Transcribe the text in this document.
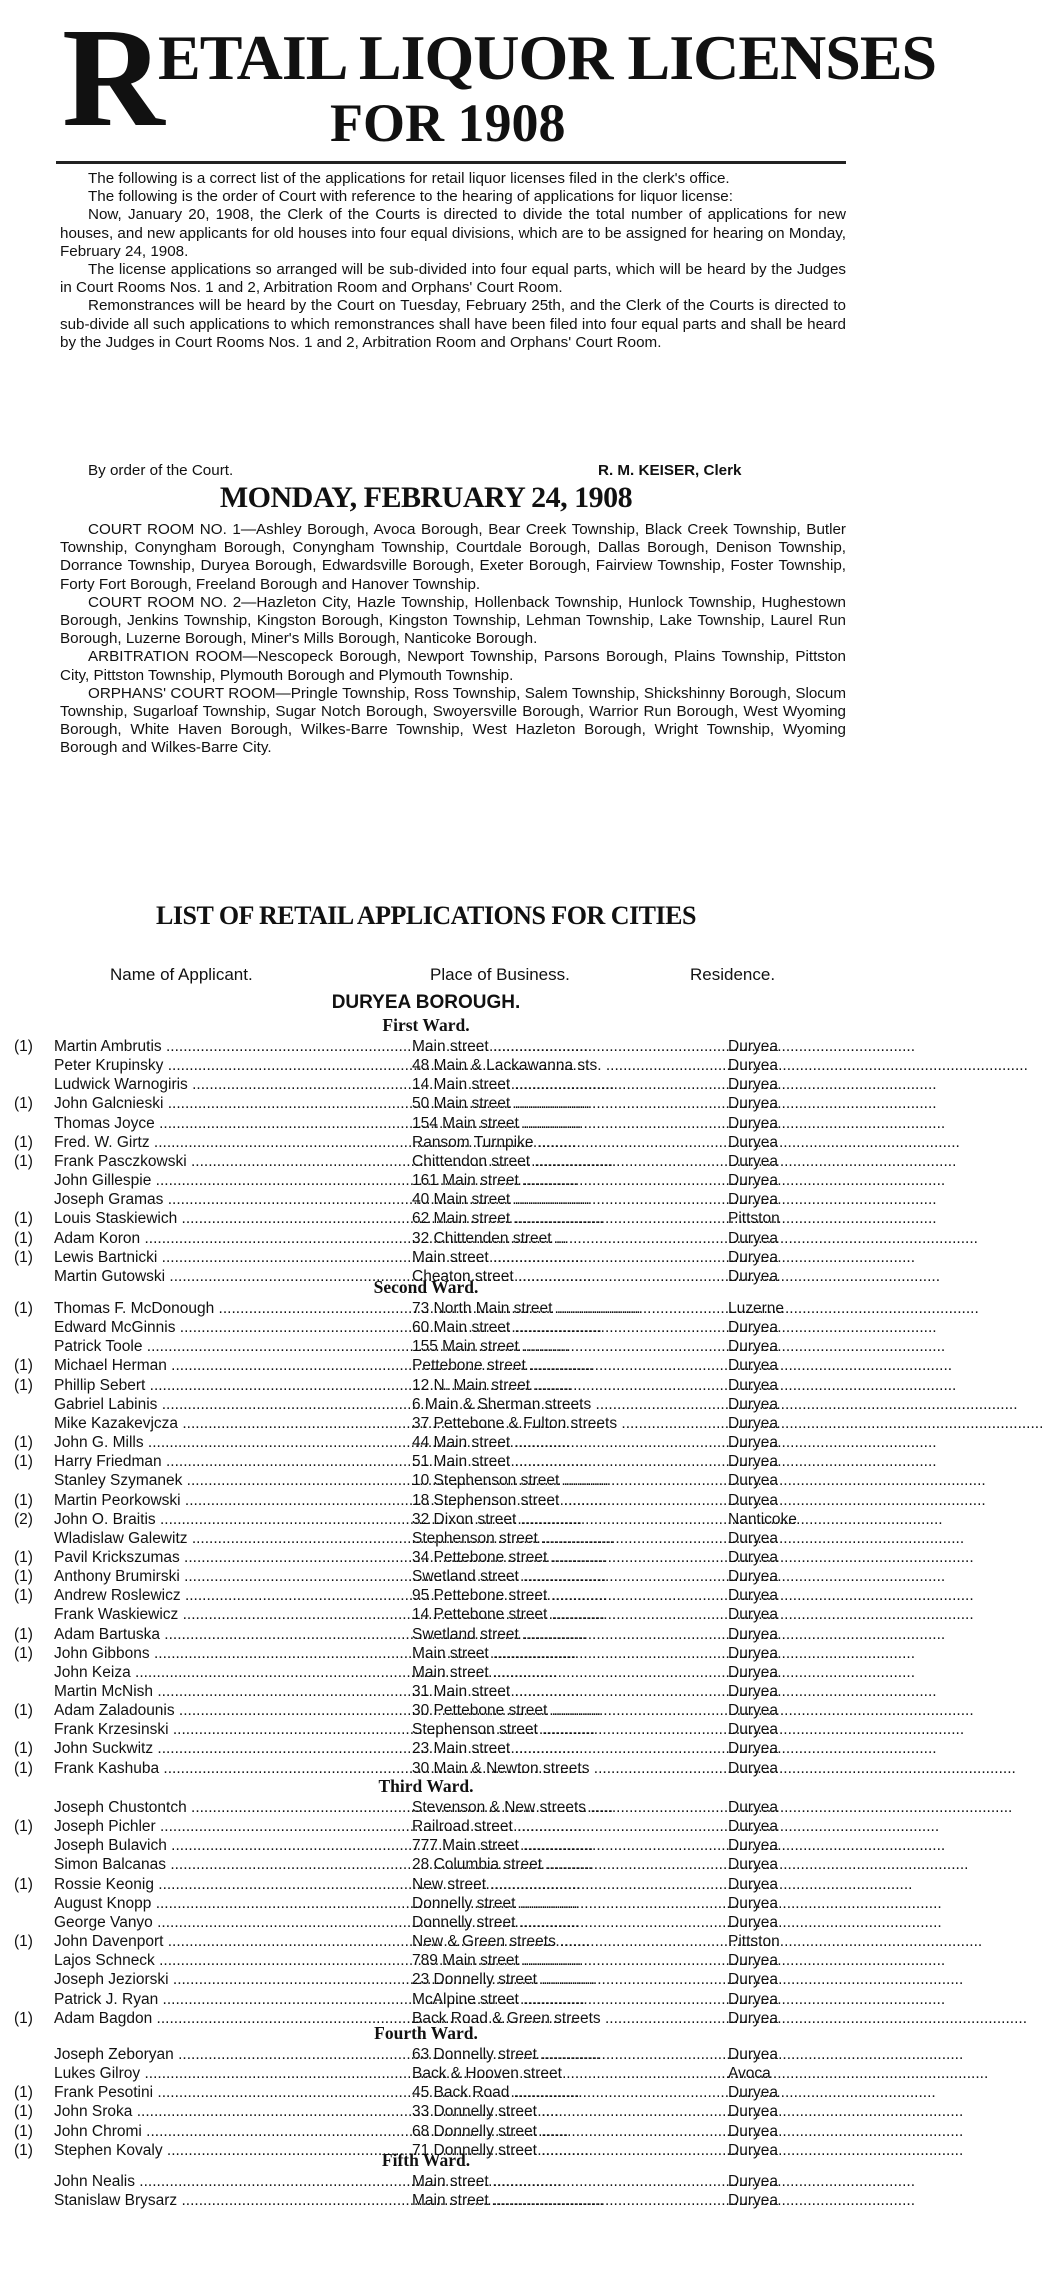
R
ETAIL LIQUOR LICENSES
FOR 1908

The following is a correct list of the applications for retail liquor licenses filed in the clerk's office.

The following is the order of Court with reference to the hearing of applications for liquor license:

Now, January 20, 1908, the Clerk of the Courts is directed to divide the total number of applications for new houses, and new applicants for old houses into four equal divisions, which are to be assigned for hearing on Monday, February 24, 1908.

The license applications so arranged will be sub-divided into four equal parts, which will be heard by the Judges in Court Rooms Nos. 1 and 2, Arbitration Room and Orphans' Court Room.

Remonstrances will be heard by the Court on Tuesday, February 25th, and the Clerk of the Courts is directed to sub-divide all such applications to which remonstrances shall have been filed into four equal parts and shall be heard by the Judges in Court Rooms Nos. 1 and 2, Arbitration Room and Orphans' Court Room.

By order of the Court.	R. M. KEISER, Clerk
MONDAY, FEBRUARY 24, 1908

COURT ROOM NO. 1—Ashley Borough, Avoca Borough, Bear Creek Township, Black Creek Township, Butler Township, Conyngham Borough, Conyngham Township, Courtdale Borough, Dallas Borough, Denison Township, Dorrance Township, Duryea Borough, Edwardsville Borough, Exeter Borough, Fairview Township, Foster Township, Forty Fort Borough, Freeland Borough and Hanover Township.

COURT ROOM NO. 2—Hazleton City, Hazle Township, Hollenback Township, Hunlock Township, Hughestown Borough, Jenkins Township, Kingston Borough, Kingston Township, Lehman Township, Lake Township, Laurel Run Borough, Luzerne Borough, Miner's Mills Borough, Nanticoke Borough.

ARBITRATION ROOM—Nescopeck Borough, Newport Township, Parsons Borough, Plains Township, Pittston City, Pittston Township, Plymouth Borough and Plymouth Township.

ORPHANS' COURT ROOM—Pringle Township, Ross Township, Salem Township, Shickshinny Borough, Slocum Township, Sugarloaf Township, Sugar Notch Borough, Swoyersville Borough, Warrior Run Borough, West Wyoming Borough, White Haven Borough, Wilkes-Barre Township, West Hazleton Borough, Wright Township, Wyoming Borough and Wilkes-Barre City.

LIST OF RETAIL APPLICATIONS FOR CITIES
Name of Applicant.	Place of Business.	Residence.
DURYEA BOROUGH.
First Ward.
(1) Martin Ambrutis .....	Main street .....	Duryea
Peter Krupinsky .....	48 Main & Lackawanna sts. .....	Duryea
Ludwick Warnogiris .....	14 Main street .....	Duryea
(1) John Galcnieski .....	50 Main street .....	Duryea
Thomas Joyce .....	154 Main street .....	Duryea
(1) Fred. W. Girtz .....	Ransom Turnpike .....	Duryea
(1) Frank Pasczkowski .....	Chittendon street .....	Duryea
John Gillespie .....	161 Main street .....	Duryea
Joseph Gramas .....	40 Main street .....	Duryea
(1) Louis Staskiewich .....	62 Main street .....	Pittston
(1) Adam Koron .....	32 Chittenden street .....	Duryea
(1) Lewis Bartnicki .....	Main street .....	Duryea
Martin Gutowski .....	Cheaton street .....	Duryea
Second Ward.
(1) Thomas F. McDonough .....	73 North Main street .....	Luzerne
Edward McGinnis .....	60 Main street .....	Duryea
Patrick Toole .....	155 Main street .....	Duryea
(1) Michael Herman .....	Pettebone street .....	Duryea
(1) Phillip Sebert .....	12 N. Main street .....	Duryea
Gabriel Labinis .....	6 Main & Sherman streets .....	Duryea
Mike Kazakevjcza .....	37 Pettebone & Fulton streets .....	Duryea
(1) John G. Mills .....	44 Main street .....	Duryea
(1) Harry Friedman .....	51 Main street .....	Duryea
Stanley Szymanek .....	10 Stephenson street .....	Duryea
(1) Martin Peorkowski .....	18 Stephenson street .....	Duryea
(2) John O. Braitis .....	32 Dixon street .....	Nanticoke
Wladislaw Galewitz .....	Stephenson street .....	Duryea
(1) Pavil Krickszumas .....	34 Pettebone street .....	Duryea
(1) Anthony Brumirski .....	Swetland street .....	Duryea
(1) Andrew Roslewicz .....	95 Pettebone street .....	Duryea
Frank Waskiewicz .....	14 Pettebone street .....	Duryea
(1) Adam Bartuska .....	Swetland street .....	Duryea
(1) John Gibbons .....	Main street .....	Duryea
John Keiza .....	Main street .....	Duryea
Martin McNish .....	31 Main street .....	Duryea
(1) Adam Zaladounis .....	30 Pettebone street .....	Duryea
Frank Krzesinski .....	Stephenson street .....	Duryea
(1) John Suckwitz .....	23 Main street .....	Duryea
(1) Frank Kashuba .....	30 Main & Newton streets .....	Duryea
Third Ward.
Joseph Chustontch .....	Stevenson & New streets .....	Duryea
(1) Joseph Pichler .....	Railroad street .....	Duryea
Joseph Bulavich .....	777 Main street .....	Duryea
Simon Balcanas .....	28 Columbia street .....	Duryea
(1) Rossie Keonig .....	New street .....	Duryea
August Knopp .....	Donnelly street .....	Duryea
George Vanyo .....	Donnelly street .....	Duryea
(1) John Davenport .....	New & Green streets .....	Pittston
Lajos Schneck .....	789 Main street .....	Duryea
Joseph Jeziorski .....	23 Donnelly street .....	Duryea
Patrick J. Ryan .....	McAlpine street .....	Duryea
(1) Adam Bagdon .....	Back Road & Green streets .....	Duryea
Fourth Ward.
Joseph Zeboryan .....	63 Donnelly street .....	Duryea
Lukes Gilroy .....	Back & Hooven street .....	Avoca
(1) Frank Pesotini .....	45 Back Road .....	Duryea
(1) John Sroka .....	33 Donnelly street .....	Duryea
(1) John Chromi .....	68 Donnelly street .....	Duryea
(1) Stephen Kovaly .....	71 Donnelly street .....	Duryea
Fifth Ward.
John Nealis .....	Main street .....	Duryea
Stanislaw Brysarz .....	Main street .....	Duryea
